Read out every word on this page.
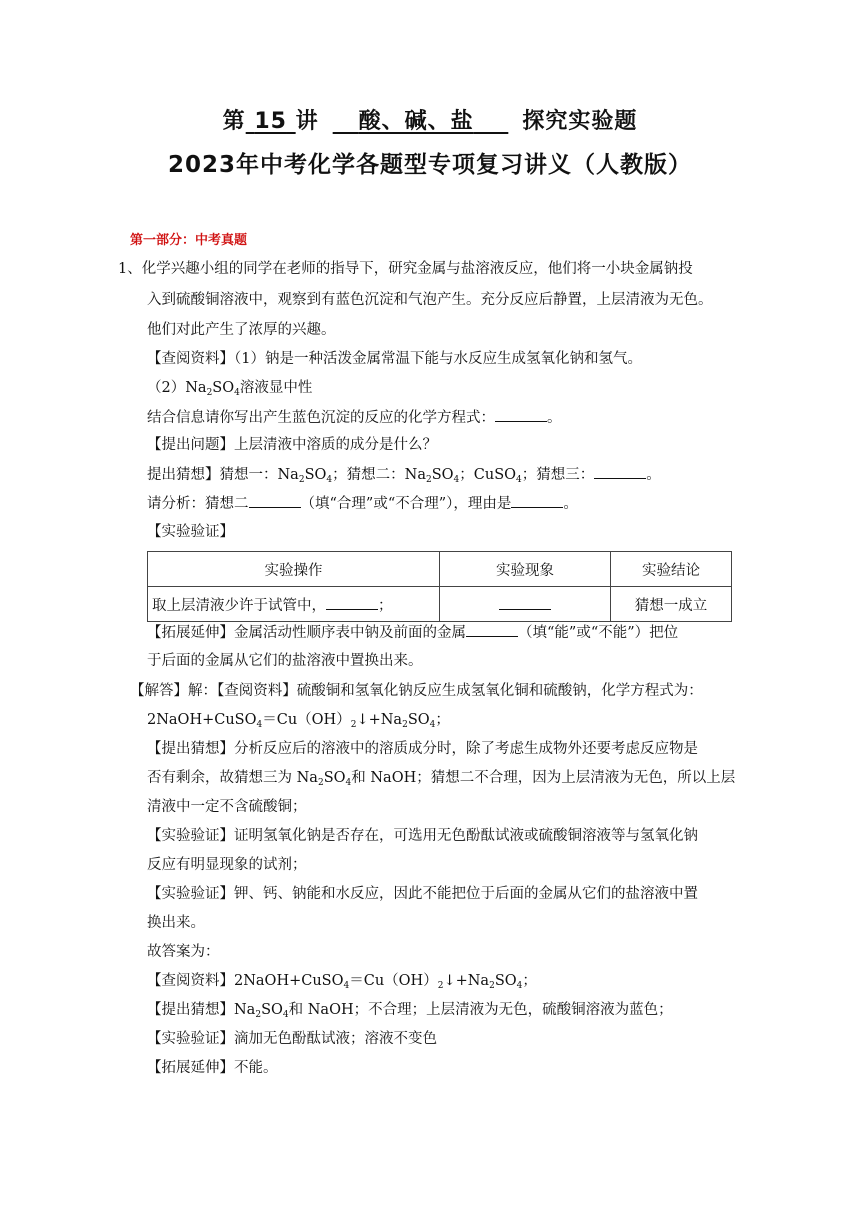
第 15 讲 酸、碱、盐 探究实验题
2023年中考化学各题型专项复习讲义（人教版）
第一部分：中考真题
1、化学兴趣小组的同学在老师的指导下，研究金属与盐溶液反应，他们将一小块金属钠投
入到硫酸铜溶液中，观察到有蓝色沉淀和气泡产生。充分反应后静置，上层清液为无色。
他们对此产生了浓厚的兴趣。
【查阅资料】（1）钠是一种活泼金属常温下能与水反应生成氢氧化钠和氢气。
$(2)Na_2SO_4$溶液显中性
结合信息请你写出产生蓝色沉淀的反应的化学方程式：	。
【提出问题】上层清液中溶质的成分是什么？
提出猜想】猜想一：$Na_2SO_4$；猜想二：$Na_2SO_4$；CuSO$_4$；猜想三：	。
请分析：猜想二	（填“合理”或“不合理”），理由是	。
【实验验证】
实验操作	实验现象	实验结论
取上层清液少许于试管中， ；		猜想一成立
【拓展延伸】金属活动性顺序表中钠及前面的金属	（填“能”或“不能”）把位
于后面的金属从它们的盐溶液中置换出来。
【解答】解：【查阅资料】硫酸铜和氢氧化钠反应生成氢氧化铜和硫酸钠，化学方程式为：
$2NaOH+CuSO_4=Cu(OH)_2↓+Na_2SO_4$；
【提出猜想】分析反应后的溶液中的溶质成分时，除了考虑生成物外还要考虑反应物是
否有剩余，故猜想三为 $Na_2SO_4$和 NaOH；猜想二不合理，因为上层清液为无色，所以上层
清液中一定不含硫酸铜；
【实验验证】证明氢氧化钠是否存在，可选用无色酚酞试液或硫酸铜溶液等与氢氧化钠
反应有明显现象的试剂；
【实验验证】钾、钙、钠能和水反应，因此不能把位于后面的金属从它们的盐溶液中置
换出来。
故答案为：
【查阅资料】$2NaOH+CuSO_4=Cu(OH)_2↓+Na_2SO_4$；
【提出猜想】$Na_2SO_4$和 NaOH；不合理；上层清液为无色，硫酸铜溶液为蓝色；
【实验验证】滴加无色酚酞试液；溶液不变色
【拓展延伸】不能。
